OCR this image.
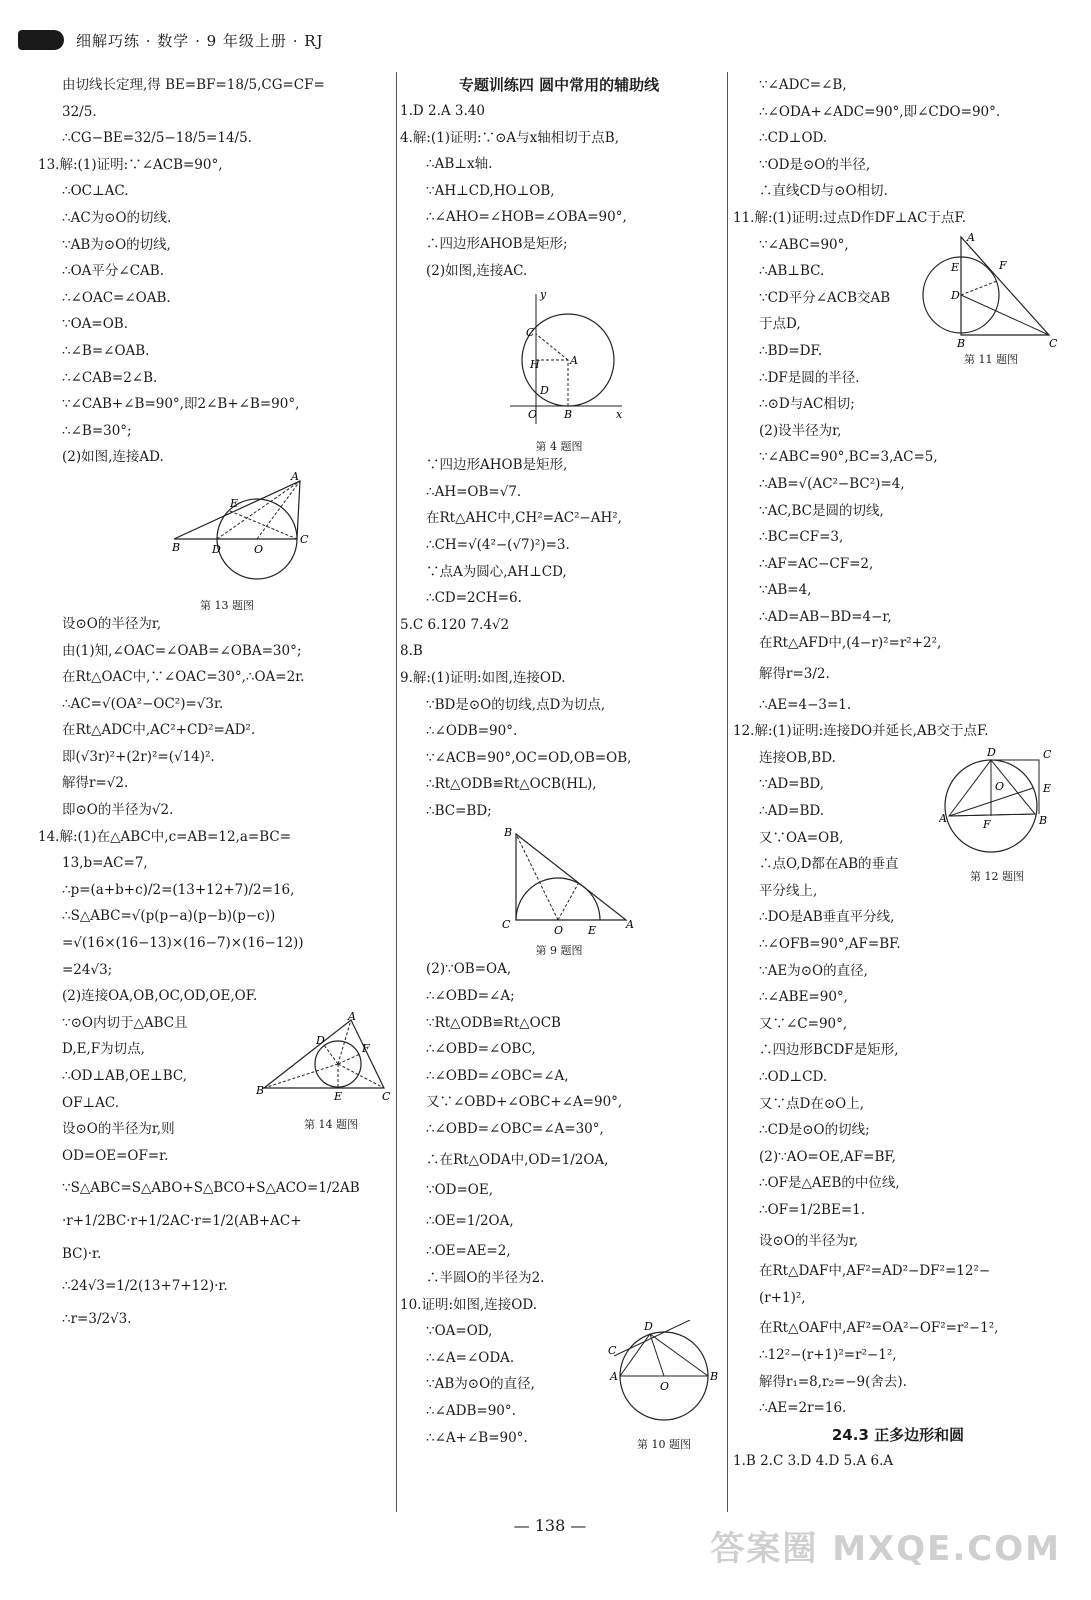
细解巧练 · 数学 · 9 年级上册 · RJ
由切线长定理,得 BE=BF=18/5,CG=CF=
32/5.
∴CG−BE=32/5−18/5=14/5.
13.解:(1)证明:∵∠ACB=90°,
∴OC⊥AC.
∴AC为⊙O的切线.
∵AB为⊙O的切线,
∴OA平分∠CAB.
∴∠OAC=∠OAB.
∵OA=OB.
∴∠B=∠OAB.
∴∠CAB=2∠B.
∵∠CAB+∠B=90°,即2∠B+∠B=90°,
∴∠B=30°;
(2)如图,连接AD.
A
E
B	D	O
C
第 13 题图
设⊙O的半径为r,
由(1)知,∠OAC=∠OAB=∠OBA=30°;
在Rt△OAC中,∵∠OAC=30°,∴OA=2r.
∴AC=√(OA²−OC²)=√3r.
在Rt△ADC中,AC²+CD²=AD².
即(√3r)²+(2r)²=(√14)².
解得r=√2.
即⊙O的半径为√2.
14.解:(1)在△ABC中,c=AB=12,a=BC=
13,b=AC=7,
∴p=(a+b+c)/2=(13+12+7)/2=16,
∴S△ABC=√(p(p−a)(p−b)(p−c))
=√(16×(16−13)×(16−7)×(16−12))
=24√3;
(2)连接OA,OB,OC,OD,OE,OF.
∵⊙O内切于△ABC且
D,E,F为切点,
∴OD⊥AB,OE⊥BC,
OF⊥AC.
设⊙O的半径为r,则
A
D
F
B	E	C
第 14 题图
OD=OE=OF=r.
∵S△ABC=S△ABO+S△BCO+S△ACO=1/2AB
·r+1/2BC·r+1/2AC·r=1/2(AB+AC+
BC)·r.
∴24√3=1/2(13+7+12)·r.
∴r=3/2√3.
专题训练四 圆中常用的辅助线
1.D 2.A 3.40
4.解:(1)证明:∵⊙A与x轴相切于点B,
∴AB⊥x轴.
∵AH⊥CD,HO⊥OB,
∴∠AHO=∠HOB=∠OBA=90°,
∴四边形AHOB是矩形;
(2)如图,连接AC.
y
C
H	A
D
O B	x
第 4 题图
∵四边形AHOB是矩形,
∴AH=OB=√7.
在Rt△AHC中,CH²=AC²−AH²,
∴CH=√(4²−(√7)²)=3.
∵点A为圆心,AH⊥CD,
∴CD=2CH=6.
5.C 6.120 7.4√2
8.B
9.解:(1)证明:如图,连接OD.
∵BD是⊙O的切线,点D为切点,
∴∠ODB=90°.
∵∠ACB=90°,OC=OD,OB=OB,
∴Rt△ODB≌Rt△OCB(HL),
∴BC=BD;
B
C	O E	A
第 9 题图
(2)∵OB=OA,
∴∠OBD=∠A;
∵Rt△ODB≌Rt△OCB
∴∠OBD=∠OBC,
∴∠OBD=∠OBC=∠A,
又∵∠OBD+∠OBC+∠A=90°,
∴∠OBD=∠OBC=∠A=30°,
∴在Rt△ODA中,OD=1/2OA,
∵OD=OE,
∴OE=1/2OA,
∴OE=AE=2,
∴半圆O的半径为2.
10.证明:如图,连接OD.
∵OA=OD,
∴∠A=∠ODA.
∵AB为⊙O的直径,
∴∠ADB=90°.
∴∠A+∠B=90°.
D
C
A
O
B
第 10 题图
∵∠ADC=∠B,
∴∠ODA+∠ADC=90°,即∠CDO=90°.
∴CD⊥OD.
∵OD是⊙O的半径,
∴直线CD与⊙O相切.
11.解:(1)证明:过点D作DF⊥AC于点F.
∵∠ABC=90°,
∴AB⊥BC.
∵CD平分∠ACB交AB
于点D,
∴BD=DF.
∴DF是圆的半径.
∴⊙D与AC相切;
(2)设半径为r,
A
E	F
D
B	C
第 11 题图
∵∠ABC=90°,BC=3,AC=5,
∴AB=√(AC²−BC²)=4,
∵AC,BC是圆的切线,
∴BC=CF=3,
∴AF=AC−CF=2,
∵AB=4,
∴AD=AB−BD=4−r,
在Rt△AFD中,(4−r)²=r²+2²,
解得r=3/2.
∴AE=4−3=1.
12.解:(1)证明:连接DO并延长,AB交于点F.
连接OB,BD.
∵AD=BD,
∴AD=BD.
又∵OA=OB,
∴点O,D都在AB的垂直
平分线上,
∴DO是AB垂直平分线,
∴∠OFB=90°,AF=BF.
∵AE为⊙O的直径,
∴∠ABE=90°,
又∵∠C=90°,
∴四边形BCDF是矩形,
∴OD⊥CD.
又∵点D在⊙O上,
∴CD是⊙O的切线;
D	C
O	E
A	F	B
第 12 题图
(2)∵AO=OE,AF=BF,
∴OF是△AEB的中位线,
∴OF=1/2BE=1.
设⊙O的半径为r,
在Rt△DAF中,AF²=AD²−DF²=12²−
(r+1)²,
在Rt△OAF中,AF²=OA²−OF²=r²−1²,
∴12²−(r+1)²=r²−1²,
解得r₁=8,r₂=−9(舍去).
∴AE=2r=16.
24.3 正多边形和圆
1.B 2.C 3.D 4.D 5.A 6.A
— 138 —
答案圈 MXQE.COM
